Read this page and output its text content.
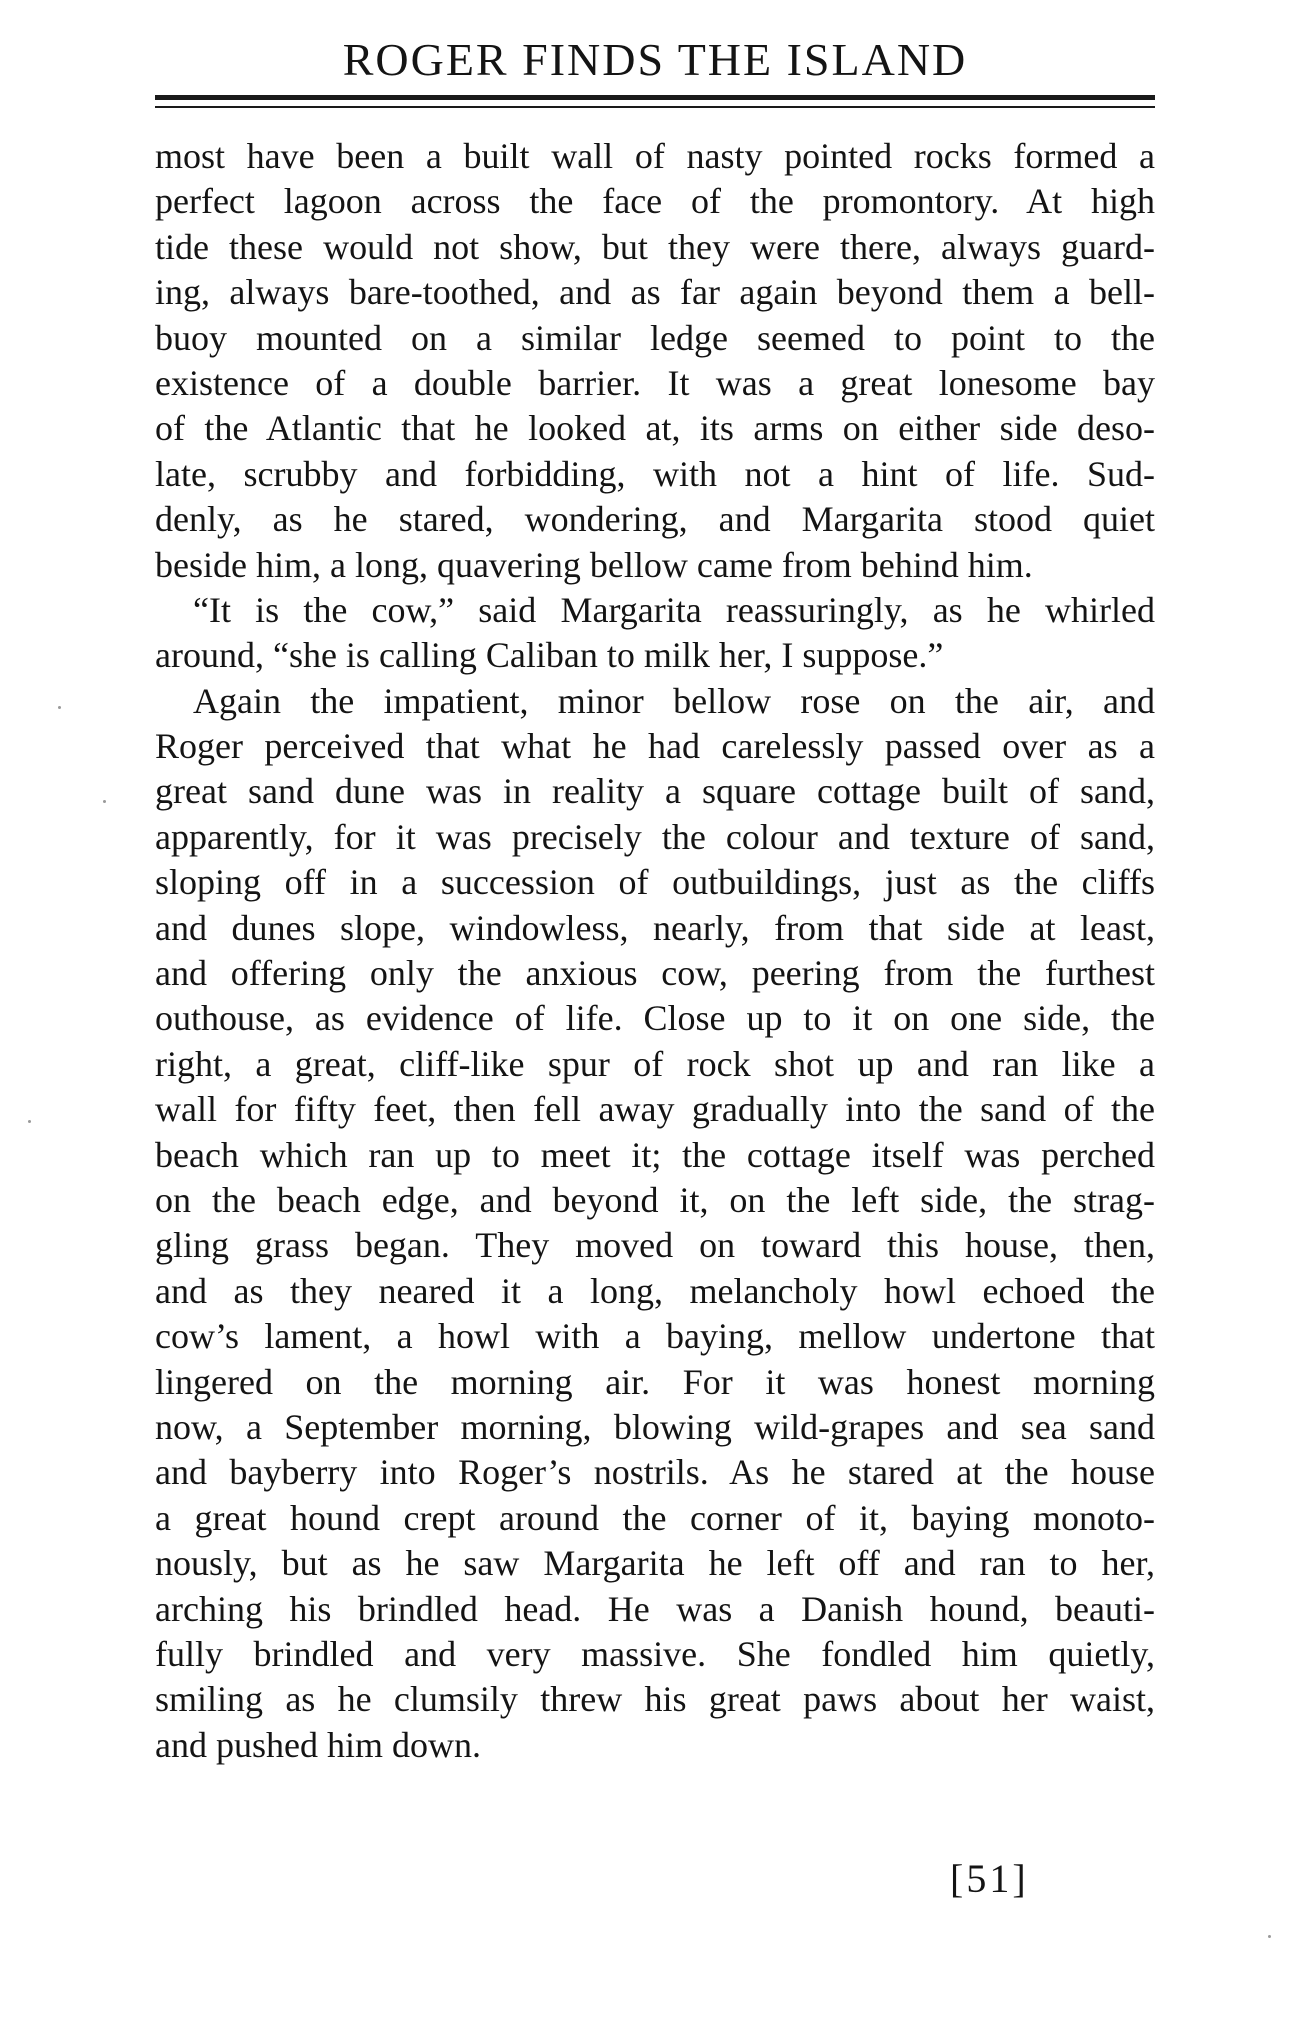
ROGER FINDS THE ISLAND
most have been a built wall of nasty pointed rocks formed a
perfect lagoon across the face of the promontory. At high
tide these would not show, but they were there, always guard-
ing, always bare-toothed, and as far again beyond them a bell-
buoy mounted on a similar ledge seemed to point to the
existence of a double barrier. It was a great lonesome bay
of the Atlantic that he looked at, its arms on either side deso-
late, scrubby and forbidding, with not a hint of life. Sud-
denly, as he stared, wondering, and Margarita stood quiet
beside him, a long, quavering bellow came from behind him.
“It is the cow,” said Margarita reassuringly, as he whirled
around, “she is calling Caliban to milk her, I suppose.”
Again the impatient, minor bellow rose on the air, and
Roger perceived that what he had carelessly passed over as a
great sand dune was in reality a square cottage built of sand,
apparently, for it was precisely the colour and texture of sand,
sloping off in a succession of outbuildings, just as the cliffs
and dunes slope, windowless, nearly, from that side at least,
and offering only the anxious cow, peering from the furthest
outhouse, as evidence of life. Close up to it on one side, the
right, a great, cliff-like spur of rock shot up and ran like a
wall for fifty feet, then fell away gradually into the sand of the
beach which ran up to meet it; the cottage itself was perched
on the beach edge, and beyond it, on the left side, the strag-
gling grass began. They moved on toward this house, then,
and as they neared it a long, melancholy howl echoed the
cow’s lament, a howl with a baying, mellow undertone that
lingered on the morning air. For it was honest morning
now, a September morning, blowing wild-grapes and sea sand
and bayberry into Roger’s nostrils. As he stared at the house
a great hound crept around the corner of it, baying monoto-
nously, but as he saw Margarita he left off and ran to her,
arching his brindled head. He was a Danish hound, beauti-
fully brindled and very massive. She fondled him quietly,
smiling as he clumsily threw his great paws about her waist,
and pushed him down.
[51]
